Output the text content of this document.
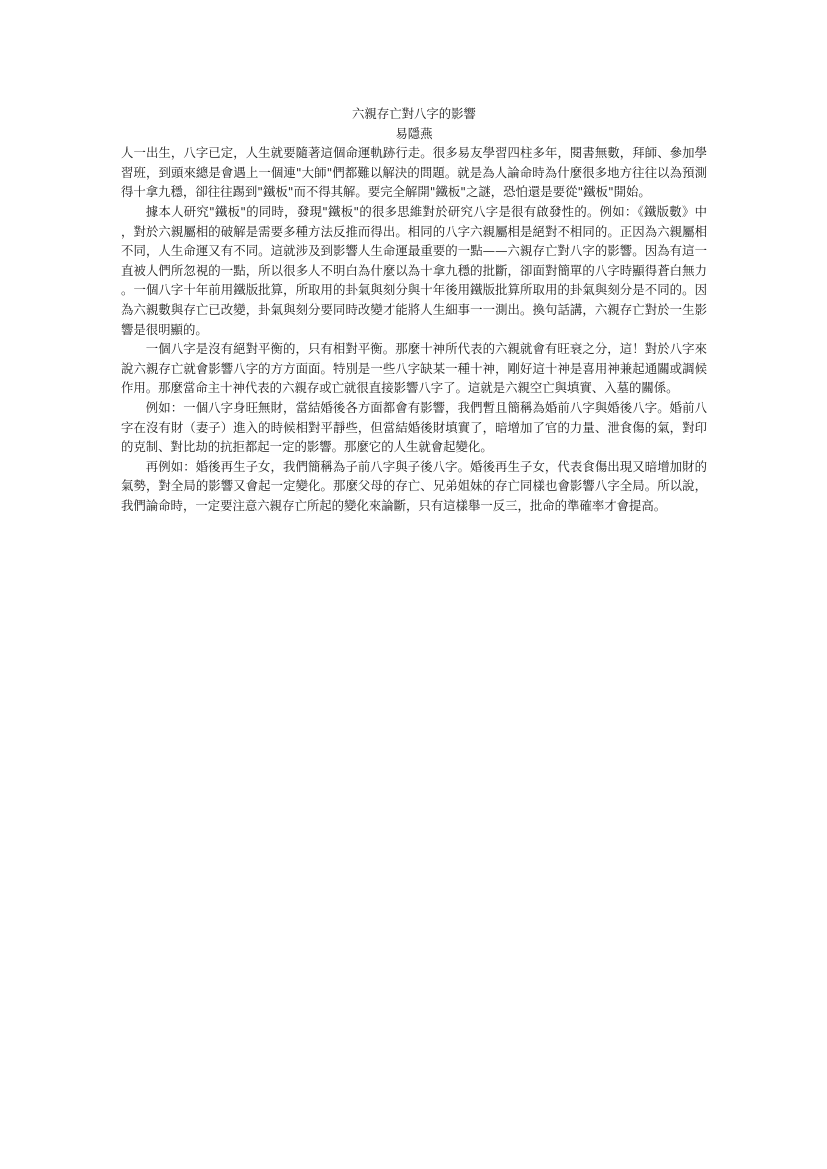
六親存亡對八字的影響
易隱燕

人一出生，八字已定，人生就要隨著這個命運軌跡行走。很多易友學習四柱多年，閱書無數，拜師、參加學習班，到頭來總是會遇上一個連"大師"們都難以解決的問題。就是為人論命時為什麼很多地方往往以為預測得十拿九穩，卻往往踢到"鐵板"而不得其解。要完全解開"鐵板"之謎，恐怕還是要從"鐵板"開始。

據本人研究"鐵板"的同時，發現"鐵板"的很多思維對於研究八字是很有啟發性的。例如：《鐵版數》中，對於六親屬相的破解是需要多種方法反推而得出。相同的八字六親屬相是絕對不相同的。正因為六親屬相不同，人生命運又有不同。這就涉及到影響人生命運最重要的一點——六親存亡對八字的影響。因為有這一直被人們所忽視的一點，所以很多人不明白為什麼以為十拿九穩的批斷，卻面對簡單的八字時顯得蒼白無力。一個八字十年前用鐵版批算，所取用的卦氣與刻分與十年後用鐵版批算所取用的卦氣與刻分是不同的。因為六親數與存亡已改變，卦氣與刻分要同時改變才能將人生細事一一測出。換句話講，六親存亡對於一生影響是很明顯的。

一個八字是沒有絕對平衡的，只有相對平衡。那麼十神所代表的六親就會有旺衰之分，這！對於八字來說六親存亡就會影響八字的方方面面。特別是一些八字缺某一種十神，剛好這十神是喜用神兼起通關或調候作用。那麼當命主十神代表的六親存或亡就很直接影響八字了。這就是六親空亡與填實、入墓的關係。

例如：一個八字身旺無財，當結婚後各方面都會有影響，我們暫且簡稱為婚前八字與婚後八字。婚前八字在沒有財（妻子）進入的時候相對平靜些，但當結婚後財填實了，暗增加了官的力量、泄食傷的氣，對印的克制、對比劫的抗拒都起一定的影響。那麼它的人生就會起變化。

再例如：婚後再生子女，我們簡稱為子前八字與子後八字。婚後再生子女，代表食傷出現又暗增加財的氣勢，對全局的影響又會起一定變化。那麼父母的存亡、兄弟姐妹的存亡同樣也會影響八字全局。所以說，我們論命時，一定要注意六親存亡所起的變化來論斷，只有這樣舉一反三，批命的準確率才會提高。
